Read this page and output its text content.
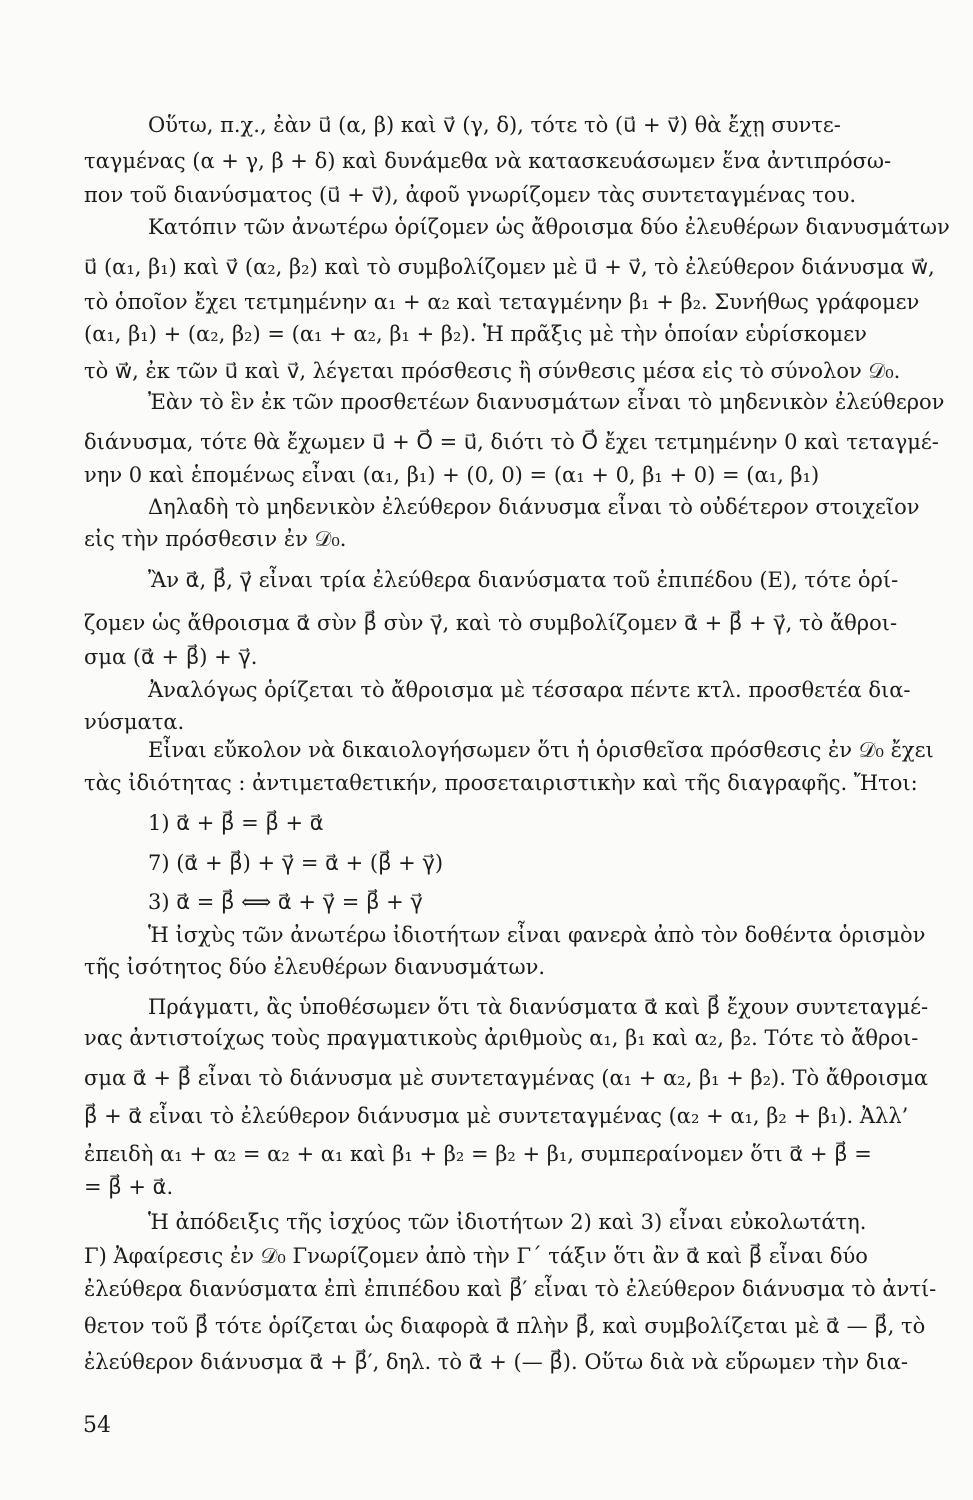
Οὕτω, π.χ., ἐὰν u⃗ (α, β) καὶ v⃗ (γ, δ), τότε τὸ (u⃗ + v⃗) θὰ ἔχῃ συντε-
ταγμένας (α + γ, β + δ) καὶ δυνάμεθα νὰ κατασκευάσωμεν ἕνα ἀντιπρόσω-
πον τοῦ διανύσματος (u⃗ + v⃗), ἀφοῦ γνωρίζομεν τὰς συντεταγμένας του.
Κατόπιν τῶν ἀνωτέρω ὁρίζομεν ὡς ἄθροισμα δύο ἐλευθέρων διανυσμάτων
u⃗ (α₁, β₁) καὶ v⃗ (α₂, β₂) καὶ τὸ συμβολίζομεν μὲ u⃗ + v⃗, τὸ ἐλεύθερον διάνυσμα w⃗,
τὸ ὁποῖον ἔχει τετμημένην α₁ + α₂ καὶ τεταγμένην β₁ + β₂. Συνήθως γράφομεν
(α₁, β₁) + (α₂, β₂) = (α₁ + α₂, β₁ + β₂). Ἡ πρᾶξις μὲ τὴν ὁποίαν εὑρίσκομεν
τὸ w⃗, ἐκ τῶν u⃗ καὶ v⃗, λέγεται πρόσθεσις ἢ σύνθεσις μέσα εἰς τὸ σύνολον 𝒟₀.
Ἐὰν τὸ ἓν ἐκ τῶν προσθετέων διανυσμάτων εἶναι τὸ μηδενικὸν ἐλεύθερον
διάνυσμα, τότε θὰ ἔχωμεν u⃗ + O⃗ = u⃗, διότι τὸ O⃗ ἔχει τετμημένην 0 καὶ τεταγμέ-
νην 0 καὶ ἑπομένως εἶναι (α₁, β₁) + (0, 0) = (α₁ + 0, β₁ + 0) = (α₁, β₁)
Δηλαδὴ τὸ μηδενικὸν ἐλεύθερον διάνυσμα εἶναι τὸ οὐδέτερον στοιχεῖον
εἰς τὴν πρόσθεσιν ἐν 𝒟₀.
Ἂν α⃗, β⃗, γ⃗ εἶναι τρία ἐλεύθερα διανύσματα τοῦ ἐπιπέδου (Ε), τότε ὁρί-
ζομεν ὡς ἄθροισμα α⃗ σὺν β⃗ σὺν γ⃗, καὶ τὸ συμβολίζομεν α⃗ + β⃗ + γ⃗, τὸ ἄθροι-
σμα (α⃗ + β⃗) + γ⃗.
Ἀναλόγως ὁρίζεται τὸ ἄθροισμα μὲ τέσσαρα πέντε κτλ. προσθετέα δια-
νύσματα.
Εἶναι εὔκολον νὰ δικαιολογήσωμεν ὅτι ἡ ὁρισθεῖσα πρόσθεσις ἐν 𝒟₀ ἔχει
τὰς ἰδιότητας : ἀντιμεταθετικήν, προσεταιριστικὴν καὶ τῆς διαγραφῆς. Ἤτοι:
1) α⃗ + β⃗ = β⃗ + α⃗
7) (α⃗ + β⃗) + γ⃗ = α⃗ + (β⃗ + γ⃗)
3) α⃗ = β⃗ ⟺ α⃗ + γ⃗ = β⃗ + γ⃗
Ἡ ἰσχὺς τῶν ἀνωτέρω ἰδιοτήτων εἶναι φανερὰ ἀπὸ τὸν δοθέντα ὁρισμὸν
τῆς ἰσότητος δύο ἐλευθέρων διανυσμάτων.
Πράγματι, ἂς ὑποθέσωμεν ὅτι τὰ διανύσματα α⃗ καὶ β⃗ ἔχουν συντεταγμέ-
νας ἀντιστοίχως τοὺς πραγματικοὺς ἀριθμοὺς α₁, β₁ καὶ α₂, β₂. Τότε τὸ ἄθροι-
σμα α⃗ + β⃗ εἶναι τὸ διάνυσμα μὲ συντεταγμένας (α₁ + α₂, β₁ + β₂). Τὸ ἄθροισμα
β⃗ + α⃗ εἶναι τὸ ἐλεύθερον διάνυσμα μὲ συντεταγμένας (α₂ + α₁, β₂ + β₁). Ἀλλ’
ἐπειδὴ α₁ + α₂ = α₂ + α₁ καὶ β₁ + β₂ = β₂ + β₁, συμπεραίνομεν ὅτι α⃗ + β⃗ =
= β⃗ + α⃗.
Ἡ ἀπόδειξις τῆς ἰσχύος τῶν ἰδιοτήτων 2) καὶ 3) εἶναι εὐκολωτάτη.
Γ) Ἀφαίρεσις ἐν 𝒟₀ Γνωρίζομεν ἀπὸ τὴν Γ΄ τάξιν ὅτι ἂν α⃗ καὶ β⃗ εἶναι δύο
ἐλεύθερα διανύσματα ἐπὶ ἐπιπέδου καὶ β⃗′ εἶναι τὸ ἐλεύθερον διάνυσμα τὸ ἀντί-
θετον τοῦ β⃗ τότε ὁρίζεται ὡς διαφορὰ α⃗ πλὴν β⃗, καὶ συμβολίζεται μὲ α⃗ — β⃗, τὸ
ἐλεύθερον διάνυσμα α⃗ + β⃗′, δηλ. τὸ α⃗ + (— β⃗). Οὕτω διὰ νὰ εὕρωμεν τὴν δια-
54
